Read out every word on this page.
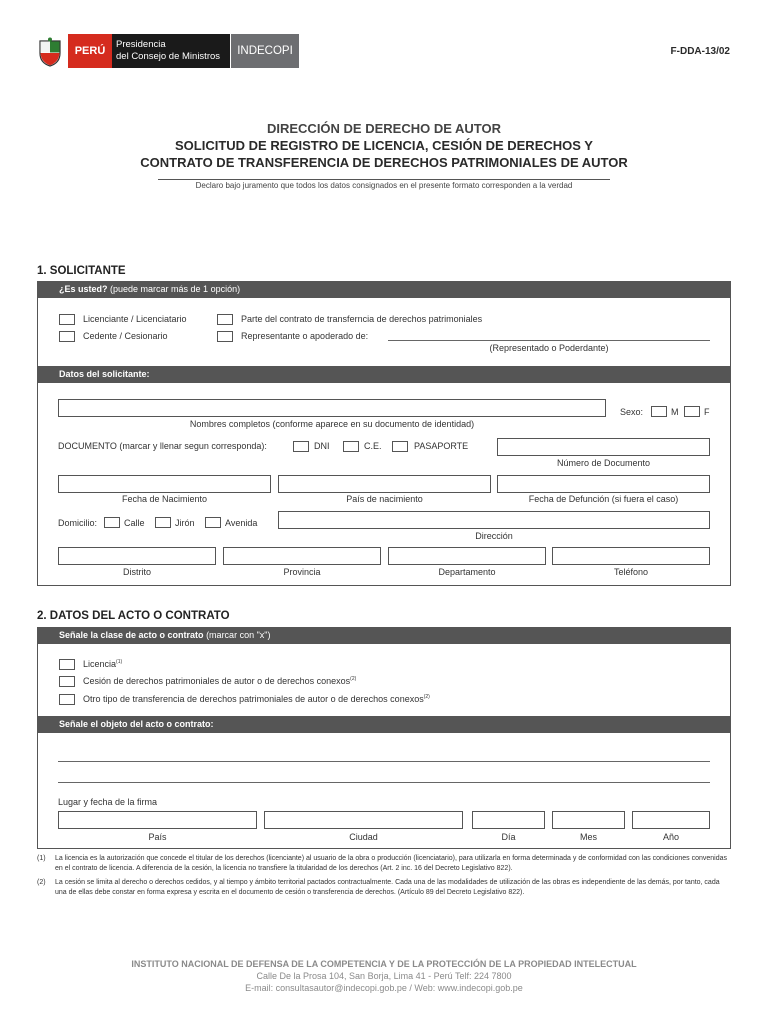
PERÚ
Presidencia
del Consejo de Ministros	INDECOPI	F-DDA-13/02
DIRECCIÓN DE DERECHO DE AUTOR
SOLICITUD DE REGISTRO DE LICENCIA, CESIÓN DE DERECHOS Y
CONTRATO DE TRANSFERENCIA DE DERECHOS PATRIMONIALES DE AUTOR
Declaro bajo juramento que todos los datos consignados en el presente formato corresponden a la verdad
1. SOLICITANTE
¿Es usted? (puede marcar más de 1 opción)
Licenciante / Licenciatario
Cedente / Cesionario
Parte del contrato de transferncia de derechos patrimoniales
Representante o apoderado de:
(Representado o Poderdante)
Datos del solicitante:
Nombres completos (conforme aparece en su documento de identidad)
Sexo:	M	F
DOCUMENTO (marcar y llenar segun corresponda):	DNI	C.E.	PASAPORTE
Número de Documento
Fecha de Nacimiento	País de nacimiento	Fecha de Defunción (si fuera el caso)
Domicilio:	Calle	Jirón	Avenida
Dirección
Distrito	Provincia	Departamento	Teléfono
2. DATOS DEL ACTO O CONTRATO
Señale la clase de acto o contrato (marcar con "x")
Licencia$^{(1)}$
Cesión de derechos patrimoniales de autor o de derechos conexos$^{(2)}$
Otro tipo de transferencia de derechos patrimoniales de autor o de derechos conexos$^{(2)}$
Señale el objeto del acto o contrato:
Lugar y fecha de la firma
País	Ciudad	Día	Mes	Año
(1) La licencia es la autorización que concede el titular de los derechos (licenciante) al usuario de la obra o producción (licenciatario), para utilizarla en forma determinada y de conformidad con las condiciones convenidas en el contrato de licencia. A diferencia de la cesión, la licencia no transfiere la titularidad de los derechos (Art. 2 inc. 16 del Decreto Legislativo 822).
(2) La cesión se limita al derecho o derechos cedidos, y al tiempo y ámbito territorial pactados contractualmente. Cada una de las modalidades de utilización de las obras es independiente de las demás, por tanto, cada una de ellas debe constar en forma expresa y escrita en el documento de cesión o transferencia de derechos. (Artículo 89 del Decreto Legislativo 822).
INSTITUTO NACIONAL DE DEFENSA DE LA COMPETENCIA Y DE LA PROTECCIÓN DE LA PROPIEDAD INTELECTUAL
Calle De la Prosa 104, San Borja, Lima 41 - Perú Telf: 224 7800
E-mail: consultasautor@indecopi.gob.pe / Web: www.indecopi.gob.pe
